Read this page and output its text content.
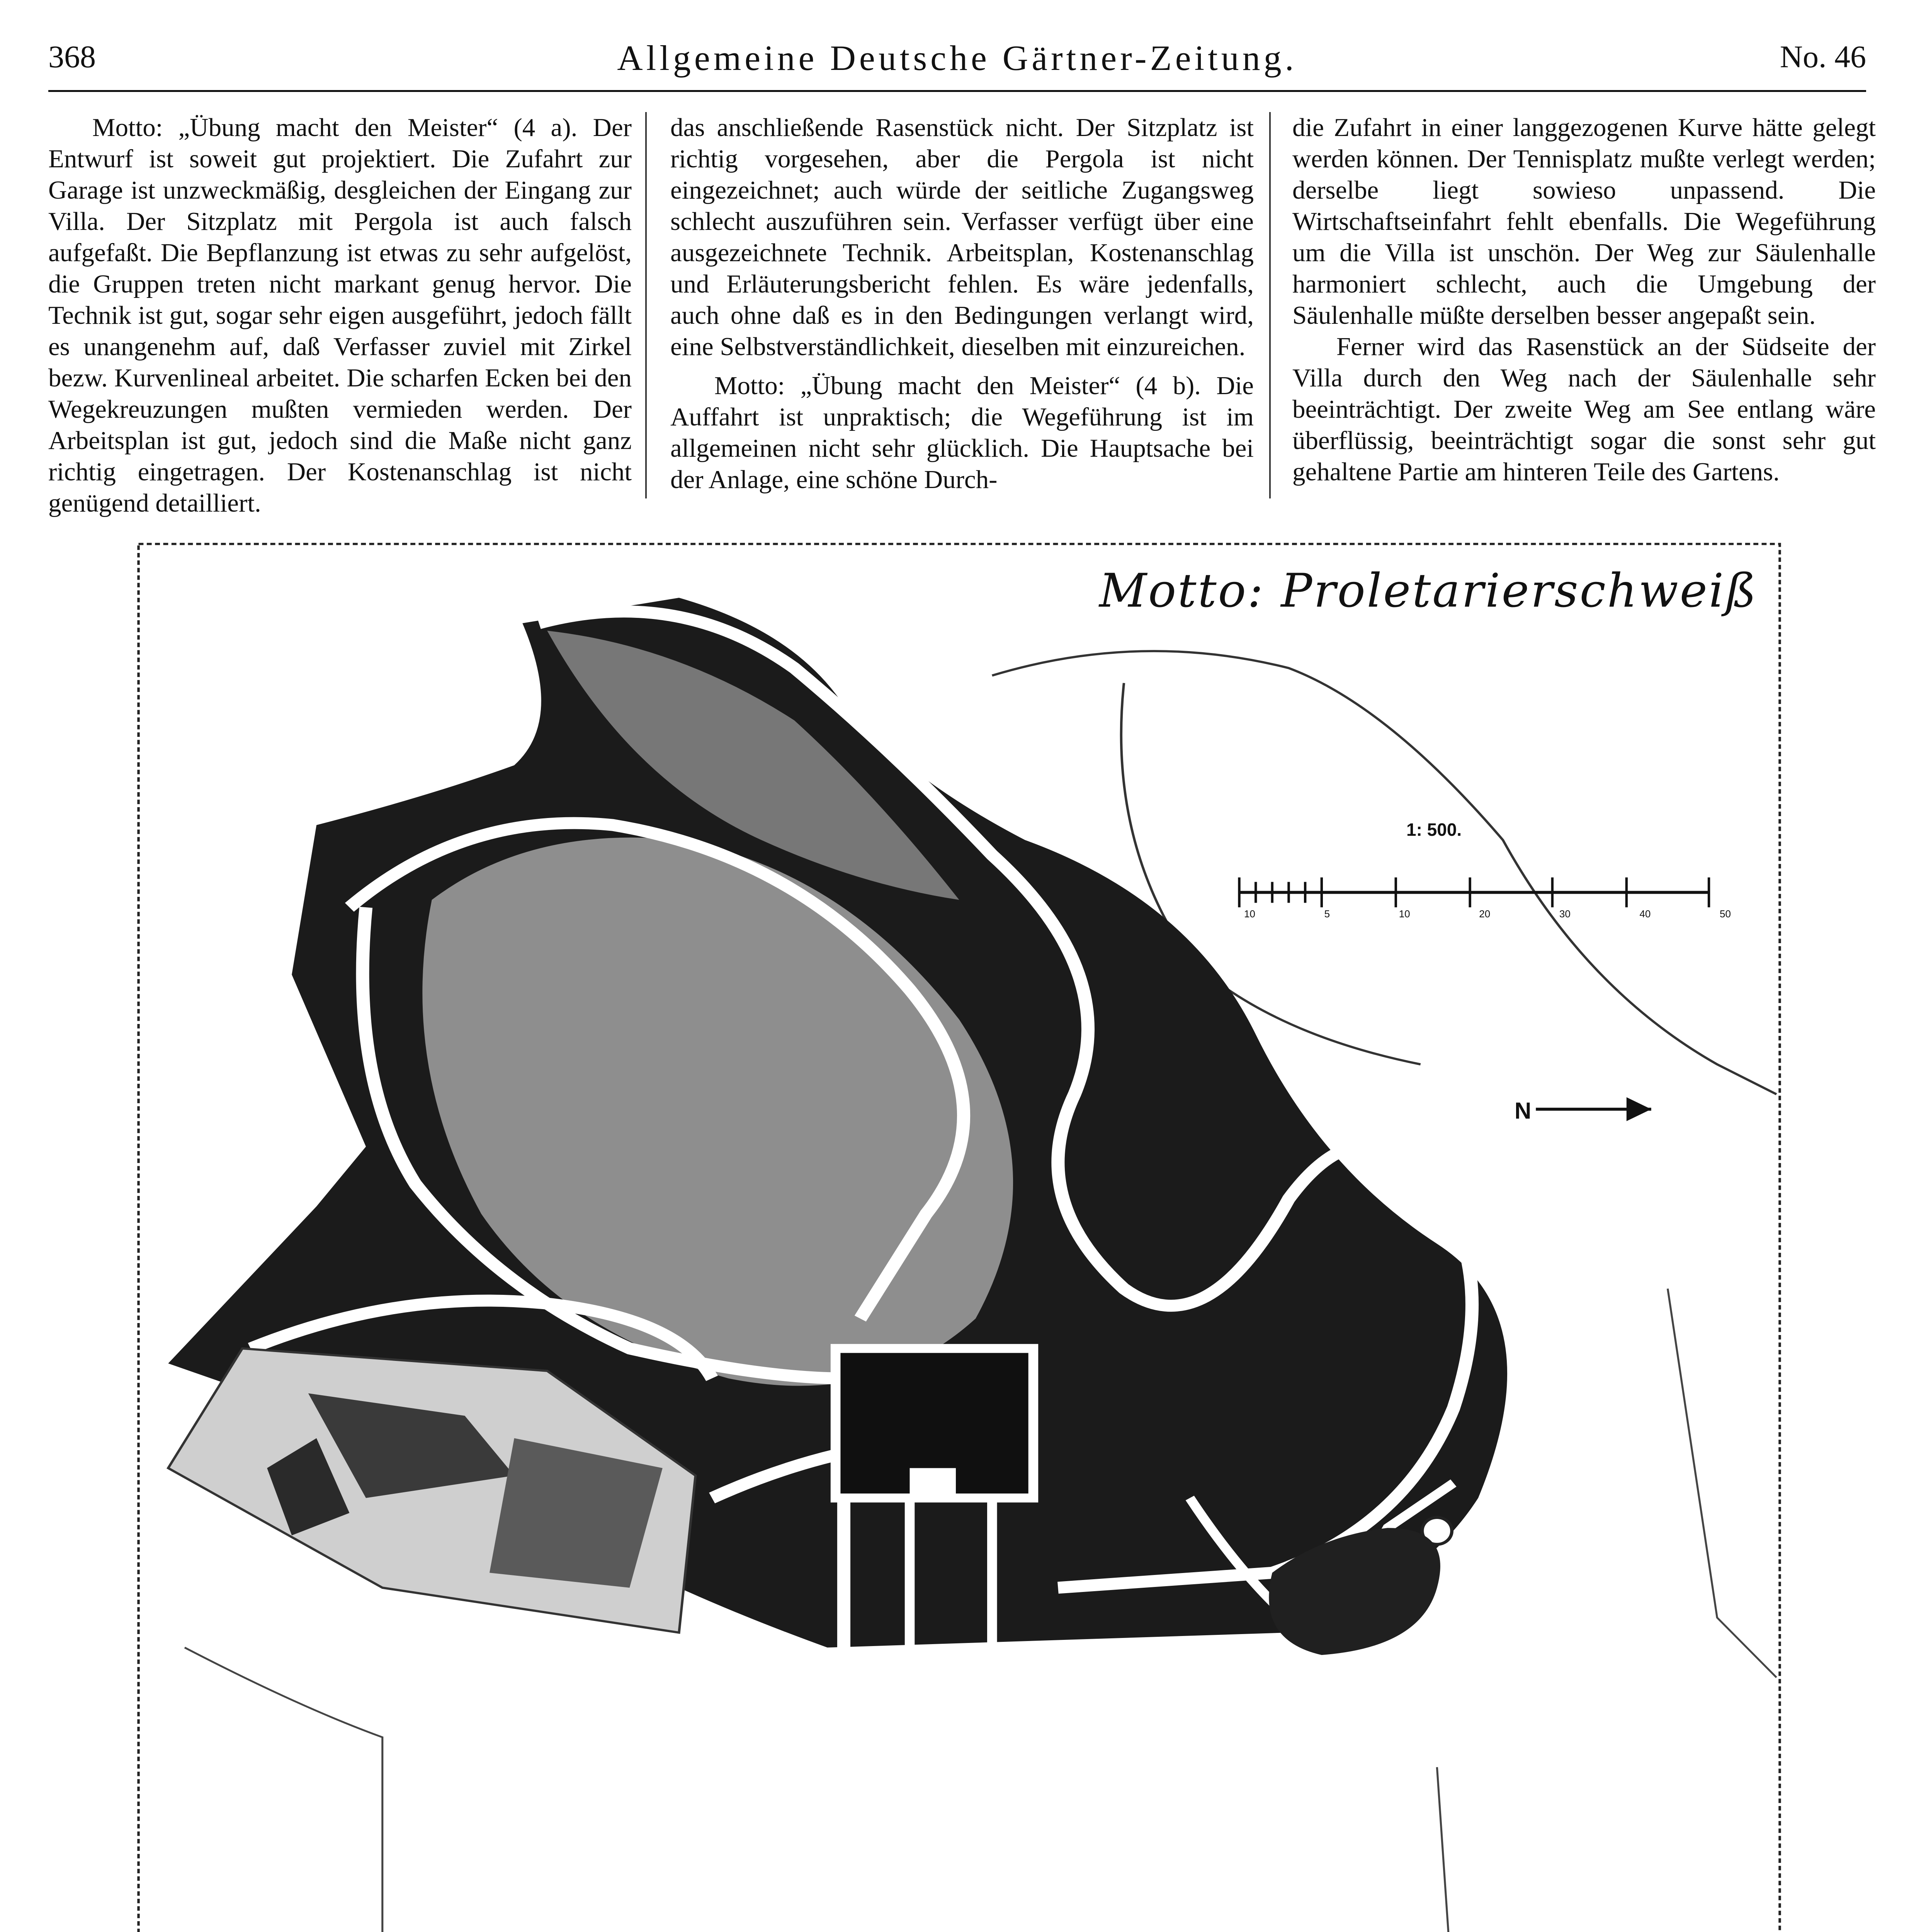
368	Allgemeine Deutsche Gärtner-Zeitung.	No. 46

Motto: „Übung macht den Meister“ (4 a). Der Entwurf ist soweit gut projektiert. Die Zufahrt zur Garage ist unzweckmäßig, desgleichen der Eingang zur Villa. Der Sitzplatz mit Pergola ist auch falsch aufgefaßt. Die Bepflanzung ist etwas zu sehr aufgelöst, die Gruppen treten nicht markant genug hervor. Die Technik ist gut, sogar sehr eigen ausgeführt, jedoch fällt es unangenehm auf, daß Verfasser zuviel mit Zirkel bezw. Kurvenlineal arbeitet. Die scharfen Ecken bei den Wegekreuzungen mußten vermieden werden. Der Arbeitsplan ist gut, jedoch sind die Maße nicht ganz richtig eingetragen. Der Kostenanschlag ist nicht genügend detailliert.

das anschließende Rasenstück nicht. Der Sitzplatz ist richtig vorgesehen, aber die Pergola ist nicht eingezeichnet; auch würde der seitliche Zugangsweg schlecht auszuführen sein. Verfasser verfügt über eine ausgezeichnete Technik. Arbeitsplan, Kostenanschlag und Erläuterungsbericht fehlen. Es wäre jedenfalls, auch ohne daß es in den Bedingungen verlangt wird, eine Selbstverständlichkeit, dieselben mit einzureichen.

Motto: „Übung macht den Meister“ (4 b). Die Auffahrt ist unpraktisch; die Wegeführung ist im allgemeinen nicht sehr glücklich. Die Hauptsache bei der Anlage, eine schöne Durch-

die Zufahrt in einer langgezogenen Kurve hätte gelegt werden können. Der Tennisplatz mußte verlegt werden; derselbe liegt sowieso unpassend. Die Wirtschaftseinfahrt fehlt ebenfalls. Die Wegeführung um die Villa ist unschön. Der Weg zur Säulenhalle harmoniert schlecht, auch die Umgebung der Säulenhalle müßte derselben besser angepaßt sein.

Ferner wird das Rasenstück an der Südseite der Villa durch den Weg nach der Säulenhalle sehr beeinträchtigt. Der zweite Weg am See entlang wäre überflüssig, beeinträchtigt sogar die sonst sehr gut gehaltene Partie am hinteren Teile des Gartens.

Motto: Proletarierschweiß
1: 500.
10	5	10	20	30	40	50
N
